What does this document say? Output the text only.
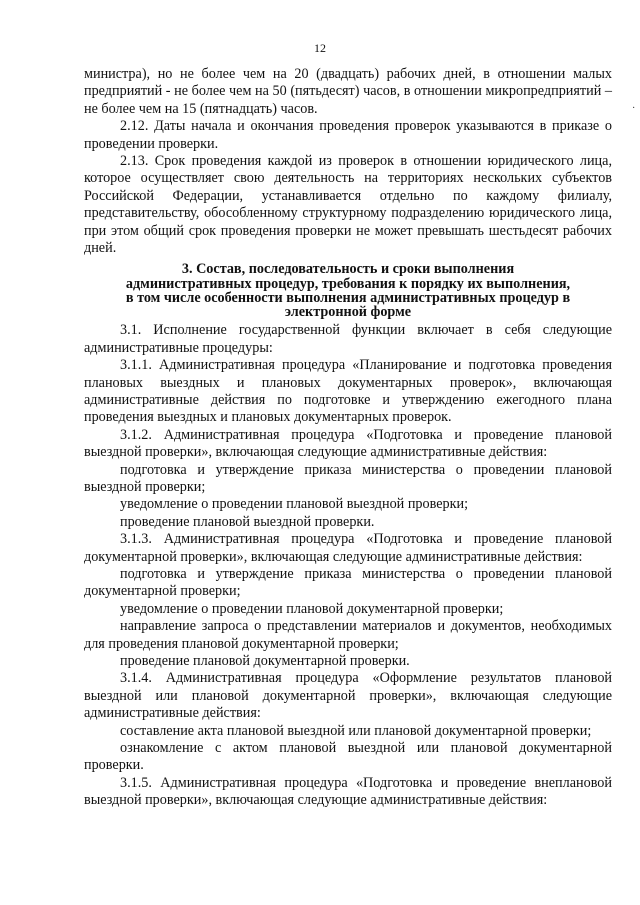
12

министра), но не более чем на 20 (двадцать) рабочих дней, в отношении малых предприятий - не более чем на 50 (пятьдесят) часов, в отношении микропредприятий – не более чем на 15 (пятнадцать) часов.

2.12. Даты начала и окончания проведения проверок указываются в приказе о проведении проверки.

2.13. Срок проведения каждой из проверок в отношении юридического лица, которое осуществляет свою деятельность на территориях нескольких субъектов Российской Федерации, устанавливается отдельно по каждому филиалу, представительству, обособленному структурному подразделению юридического лица, при этом общий срок проведения проверки не может превышать шестьдесят рабочих дней.

3. Состав, последовательность и сроки выполнения
административных процедур, требования к порядку их выполнения,
в том числе особенности выполнения административных процедур в
электронной форме

3.1. Исполнение государственной функции включает в себя следующие административные процедуры:

3.1.1. Административная процедура «Планирование и подготовка проведения плановых выездных и плановых документарных проверок», включающая административные действия по подготовке и утверждению ежегодного плана проведения выездных и плановых документарных проверок.

3.1.2. Административная процедура «Подготовка и проведение плановой выездной проверки», включающая следующие административные действия:

подготовка и утверждение приказа министерства о проведении плановой выездной проверки;

уведомление о проведении плановой выездной проверки;

проведение плановой выездной проверки.

3.1.3. Административная процедура «Подготовка и проведение плановой документарной проверки», включающая следующие административные действия:

подготовка и утверждение приказа министерства о проведении плановой документарной проверки;

уведомление о проведении плановой документарной проверки;

направление запроса о представлении материалов и документов, необходимых для проведения плановой документарной проверки;

проведение плановой документарной проверки.

3.1.4. Административная процедура «Оформление результатов плановой выездной или плановой документарной проверки», включающая следующие административные действия:

составление акта плановой выездной или плановой документарной проверки;

ознакомление с актом плановой выездной или плановой документарной проверки.

3.1.5. Административная процедура «Подготовка и проведение внеплановой выездной проверки», включающая следующие административные действия:

·
